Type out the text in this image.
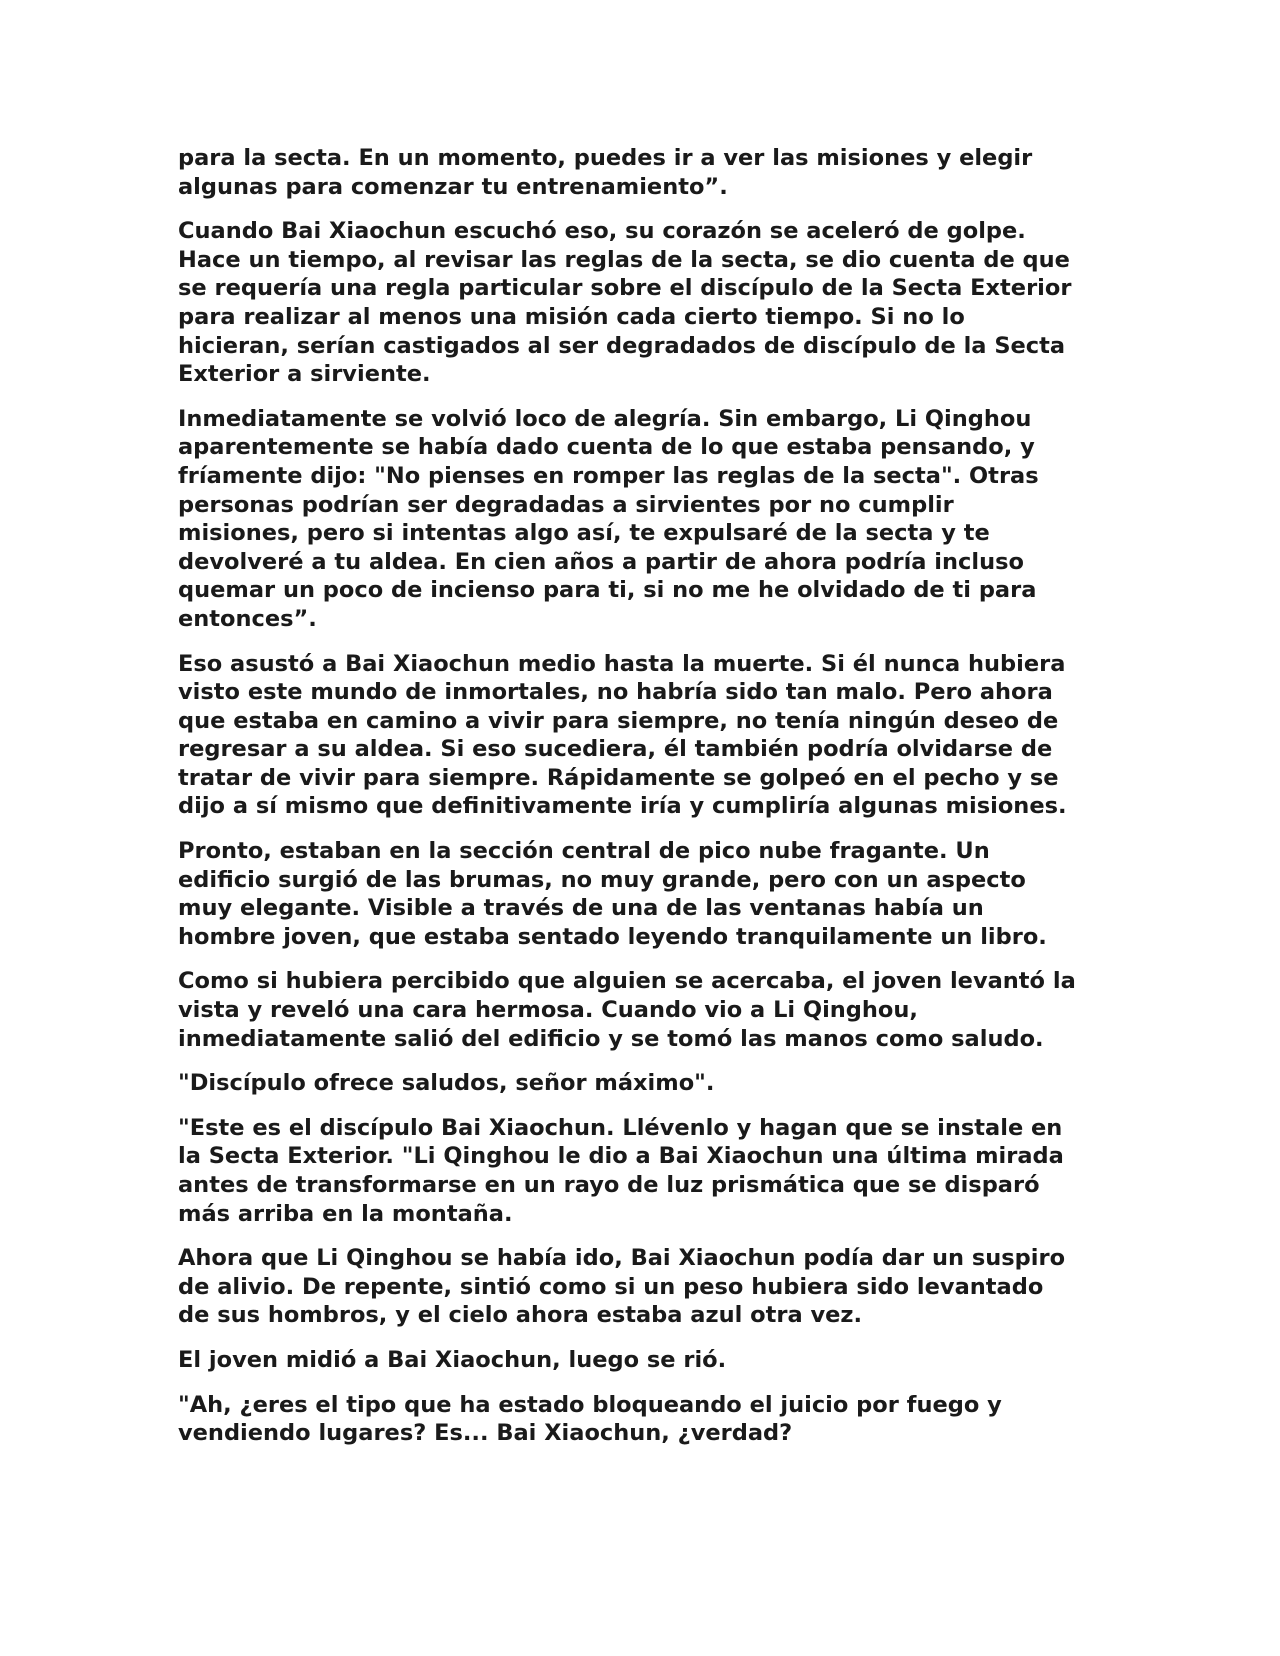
para la secta. En un momento, puedes ir a ver las misiones y elegir
algunas para comenzar tu entrenamiento”.

Cuando Bai Xiaochun escuchó eso, su corazón se aceleró de golpe.
Hace un tiempo, al revisar las reglas de la secta, se dio cuenta de que
se requería una regla particular sobre el discípulo de la Secta Exterior
para realizar al menos una misión cada cierto tiempo. Si no lo
hicieran, serían castigados al ser degradados de discípulo de la Secta
Exterior a sirviente.

Inmediatamente se volvió loco de alegría. Sin embargo, Li Qinghou
aparentemente se había dado cuenta de lo que estaba pensando, y
fríamente dijo: "No pienses en romper las reglas de la secta". Otras
personas podrían ser degradadas a sirvientes por no cumplir
misiones, pero si intentas algo así, te expulsaré de la secta y te
devolveré a tu aldea. En cien años a partir de ahora podría incluso
quemar un poco de incienso para ti, si no me he olvidado de ti para
entonces”.

Eso asustó a Bai Xiaochun medio hasta la muerte. Si él nunca hubiera
visto este mundo de inmortales, no habría sido tan malo. Pero ahora
que estaba en camino a vivir para siempre, no tenía ningún deseo de
regresar a su aldea. Si eso sucediera, él también podría olvidarse de
tratar de vivir para siempre. Rápidamente se golpeó en el pecho y se
dijo a sí mismo que definitivamente iría y cumpliría algunas misiones.

Pronto, estaban en la sección central de pico nube fragante. Un
edificio surgió de las brumas, no muy grande, pero con un aspecto
muy elegante. Visible a través de una de las ventanas había un
hombre joven, que estaba sentado leyendo tranquilamente un libro.

Como si hubiera percibido que alguien se acercaba, el joven levantó la
vista y reveló una cara hermosa. Cuando vio a Li Qinghou,
inmediatamente salió del edificio y se tomó las manos como saludo.

"Discípulo ofrece saludos, señor máximo".

"Este es el discípulo Bai Xiaochun. Llévenlo y hagan que se instale en
la Secta Exterior. "Li Qinghou le dio a Bai Xiaochun una última mirada
antes de transformarse en un rayo de luz prismática que se disparó
más arriba en la montaña.

Ahora que Li Qinghou se había ido, Bai Xiaochun podía dar un suspiro
de alivio. De repente, sintió como si un peso hubiera sido levantado
de sus hombros, y el cielo ahora estaba azul otra vez.

El joven midió a Bai Xiaochun, luego se rió.

"Ah, ¿eres el tipo que ha estado bloqueando el juicio por fuego y
vendiendo lugares? Es... Bai Xiaochun, ¿verdad?
